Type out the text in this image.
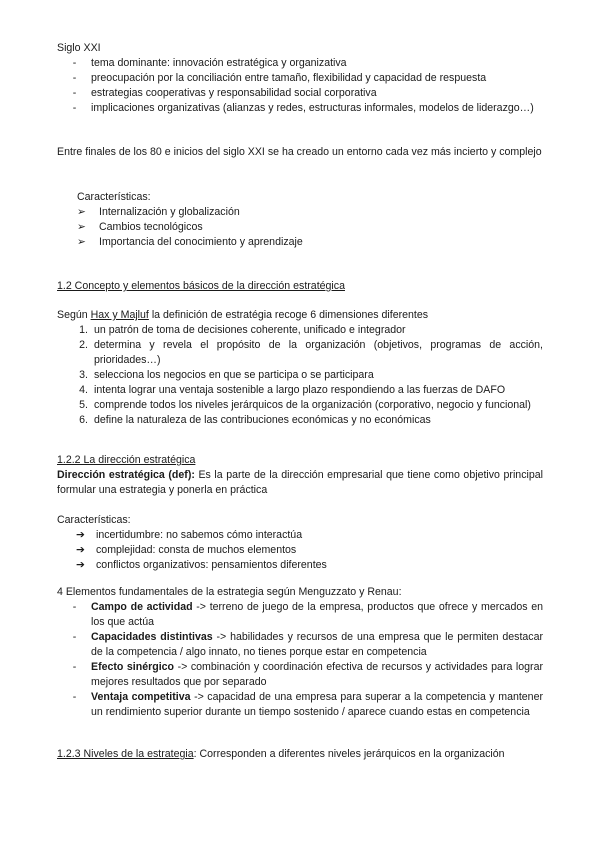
Siglo XXI

-	tema dominante: innovación estratégica y organizativa
-	preocupación por la conciliación entre tamaño, flexibilidad y capacidad de respuesta
-	estrategias cooperativas y responsabilidad social corporativa
-	implicaciones organizativas (alianzas y redes, estructuras informales, modelos de liderazgo…)
Entre finales de los 80 e inicios del siglo XXI se ha creado un entorno cada vez más incierto y complejo

Características:

➢	Internalización y globalización
➢	Cambios tecnológicos
➢	Importancia del conocimiento y aprendizaje
1.2 Concepto y elementos básicos de la dirección estratégica

Según Hax y Majluf la definición de estratégia recoge 6 dimensiones diferentes

1. un patrón de toma de decisiones coherente, unificado e integrador
2. determina y revela el propósito de la organización (objetivos, programas de acción, prioridades…)
3. selecciona los negocios en que se participa o se participara
4. intenta lograr una ventaja sostenible a largo plazo respondiendo a las fuerzas de DAFO
5. comprende todos los niveles jerárquicos de la organización (corporativo, negocio y funcional)
6. define la naturaleza de las contribuciones económicas y no económicas

1.2.2 La dirección estratégica

Dirección estratégica (def): Es la parte de la dirección empresarial que tiene como objetivo principal formular una estrategia y ponerla en práctica

Características:

➔	incertidumbre: no sabemos cómo interactúa
➔	complejidad: consta de muchos elementos
➔	conflictos organizativos: pensamientos diferentes

4 Elementos fundamentales de la estrategia según Menguzzato y Renau:

-	Campo de actividad -> terreno de juego de la empresa, productos que ofrece y mercados en los que actúa
-	Capacidades distintivas -> habilidades y recursos de una empresa que le permiten destacar de la competencia / algo innato, no tienes porque estar en competencia
-	Efecto sinérgico -> combinación y coordinación efectiva de recursos y actividades para lograr mejores resultados que por separado
-	Ventaja competitiva -> capacidad de una empresa para superar a la competencia y mantener un rendimiento superior durante un tiempo sostenido / aparece cuando estas en competencia
1.2.3 Niveles de la estrategia: Corresponden a diferentes niveles jerárquicos en la organización
